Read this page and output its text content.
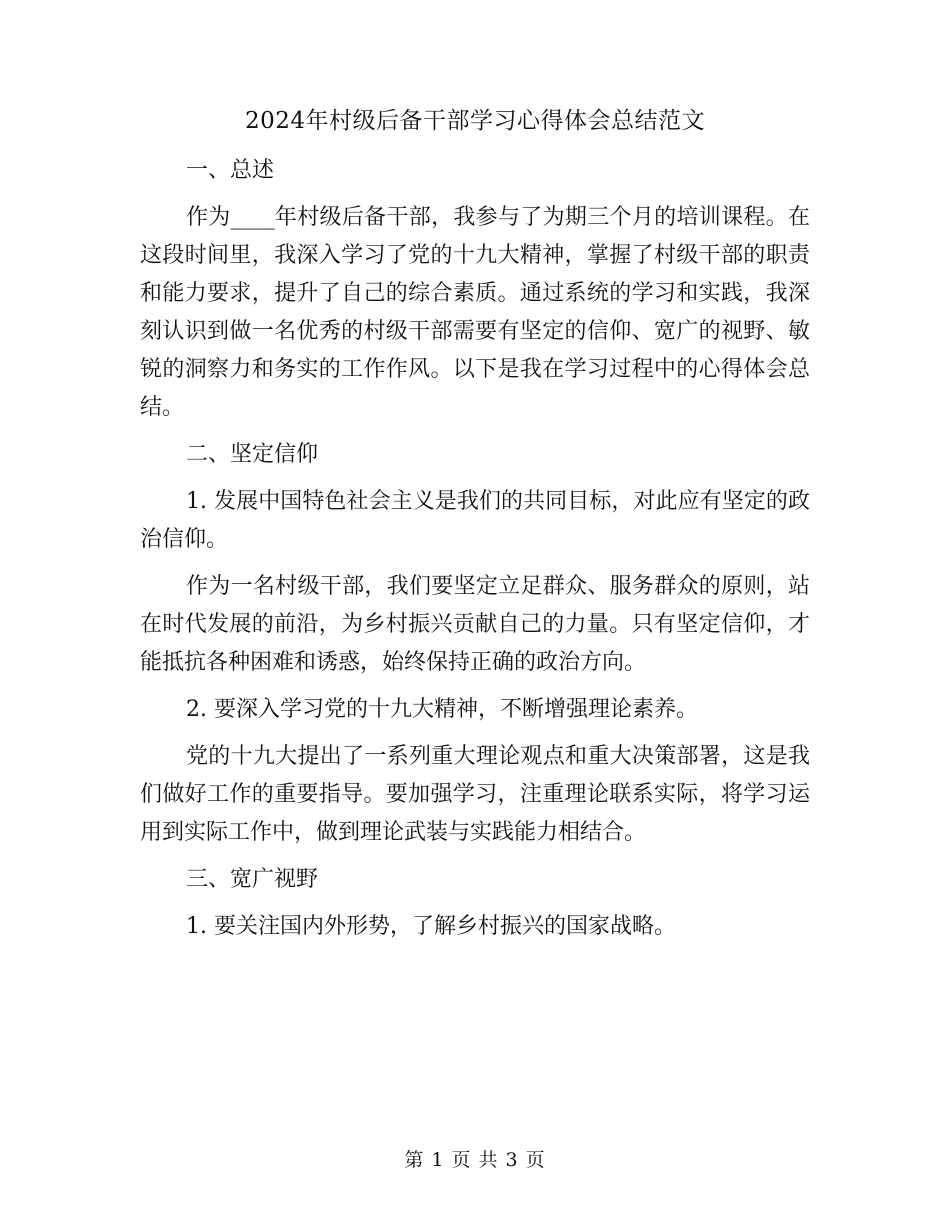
2024年村级后备干部学习心得体会总结范文

一、总述

作为____年村级后备干部，我参与了为期三个月的培训课程。在这段时间里，我深入学习了党的十九大精神，掌握了村级干部的职责和能力要求，提升了自己的综合素质。通过系统的学习和实践，我深刻认识到做一名优秀的村级干部需要有坚定的信仰、宽广的视野、敏锐的洞察力和务实的工作作风。以下是我在学习过程中的心得体会总结。

二、坚定信仰

1. 发展中国特色社会主义是我们的共同目标，对此应有坚定的政治信仰。

作为一名村级干部，我们要坚定立足群众、服务群众的原则，站在时代发展的前沿，为乡村振兴贡献自己的力量。只有坚定信仰，才能抵抗各种困难和诱惑，始终保持正确的政治方向。

2. 要深入学习党的十九大精神，不断增强理论素养。

党的十九大提出了一系列重大理论观点和重大决策部署，这是我们做好工作的重要指导。要加强学习，注重理论联系实际，将学习运用到实际工作中，做到理论武装与实践能力相结合。

三、宽广视野

1. 要关注国内外形势，了解乡村振兴的国家战略。

第 1 页 共 3 页
